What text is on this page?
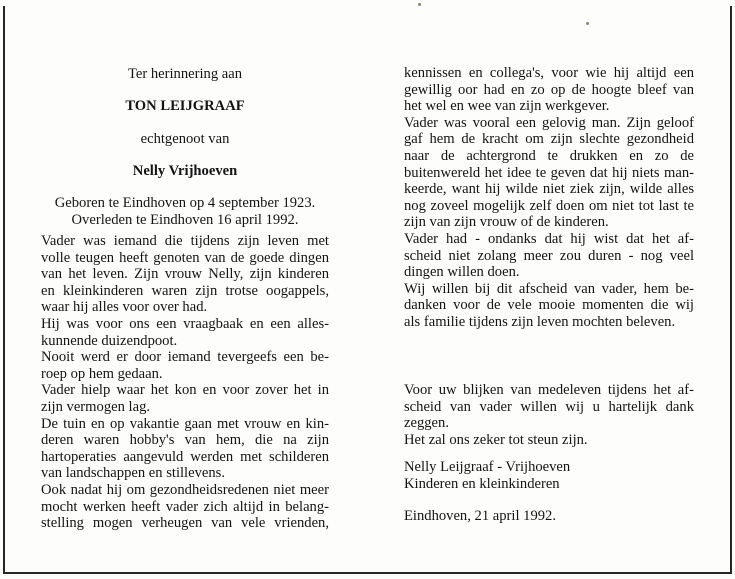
Ter herinnering aan
TON LEIJGRAAF
echtgenoot van
Nelly Vrijhoeven
Geboren te Eindhoven op 4 september 1923.
Overleden te Eindhoven 16 april 1992.
Vader was iemand die tijdens zijn leven met
volle teugen heeft genoten van de goede dingen
van het leven. Zijn vrouw Nelly, zijn kinderen
en kleinkinderen waren zijn trotse oogappels,
waar hij alles voor over had.
Hij was voor ons een vraagbaak en een alles-
kunnende duizendpoot.
Nooit werd er door iemand tevergeefs een be-
roep op hem gedaan.
Vader hielp waar het kon en voor zover het in
zijn vermogen lag.
De tuin en op vakantie gaan met vrouw en kin-
deren waren hobby's van hem, die na zijn
hartoperaties aangevuld werden met schilderen
van landschappen en stillevens.
Ook nadat hij om gezondheidsredenen niet meer
mocht werken heeft vader zich altijd in belang-
stelling mogen verheugen van vele vrienden,
kennissen en collega's, voor wie hij altijd een
gewillig oor had en zo op de hoogte bleef van
het wel en wee van zijn werkgever.
Vader was vooral een gelovig man. Zijn geloof
gaf hem de kracht om zijn slechte gezondheid
naar de achtergrond te drukken en zo de
buitenwereld het idee te geven dat hij niets man-
keerde, want hij wilde niet ziek zijn, wilde alles
nog zoveel mogelijk zelf doen om niet tot last te
zijn van zijn vrouw of de kinderen.
Vader had - ondanks dat hij wist dat het af-
scheid niet zolang meer zou duren - nog veel
dingen willen doen.
Wij willen bij dit afscheid van vader, hem be-
danken voor de vele mooie momenten die wij
als familie tijdens zijn leven mochten beleven.
Voor uw blijken van medeleven tijdens het af-
scheid van vader willen wij u hartelijk dank
zeggen.
Het zal ons zeker tot steun zijn.
Nelly Leijgraaf - Vrijhoeven
Kinderen en kleinkinderen
Eindhoven, 21 april 1992.
